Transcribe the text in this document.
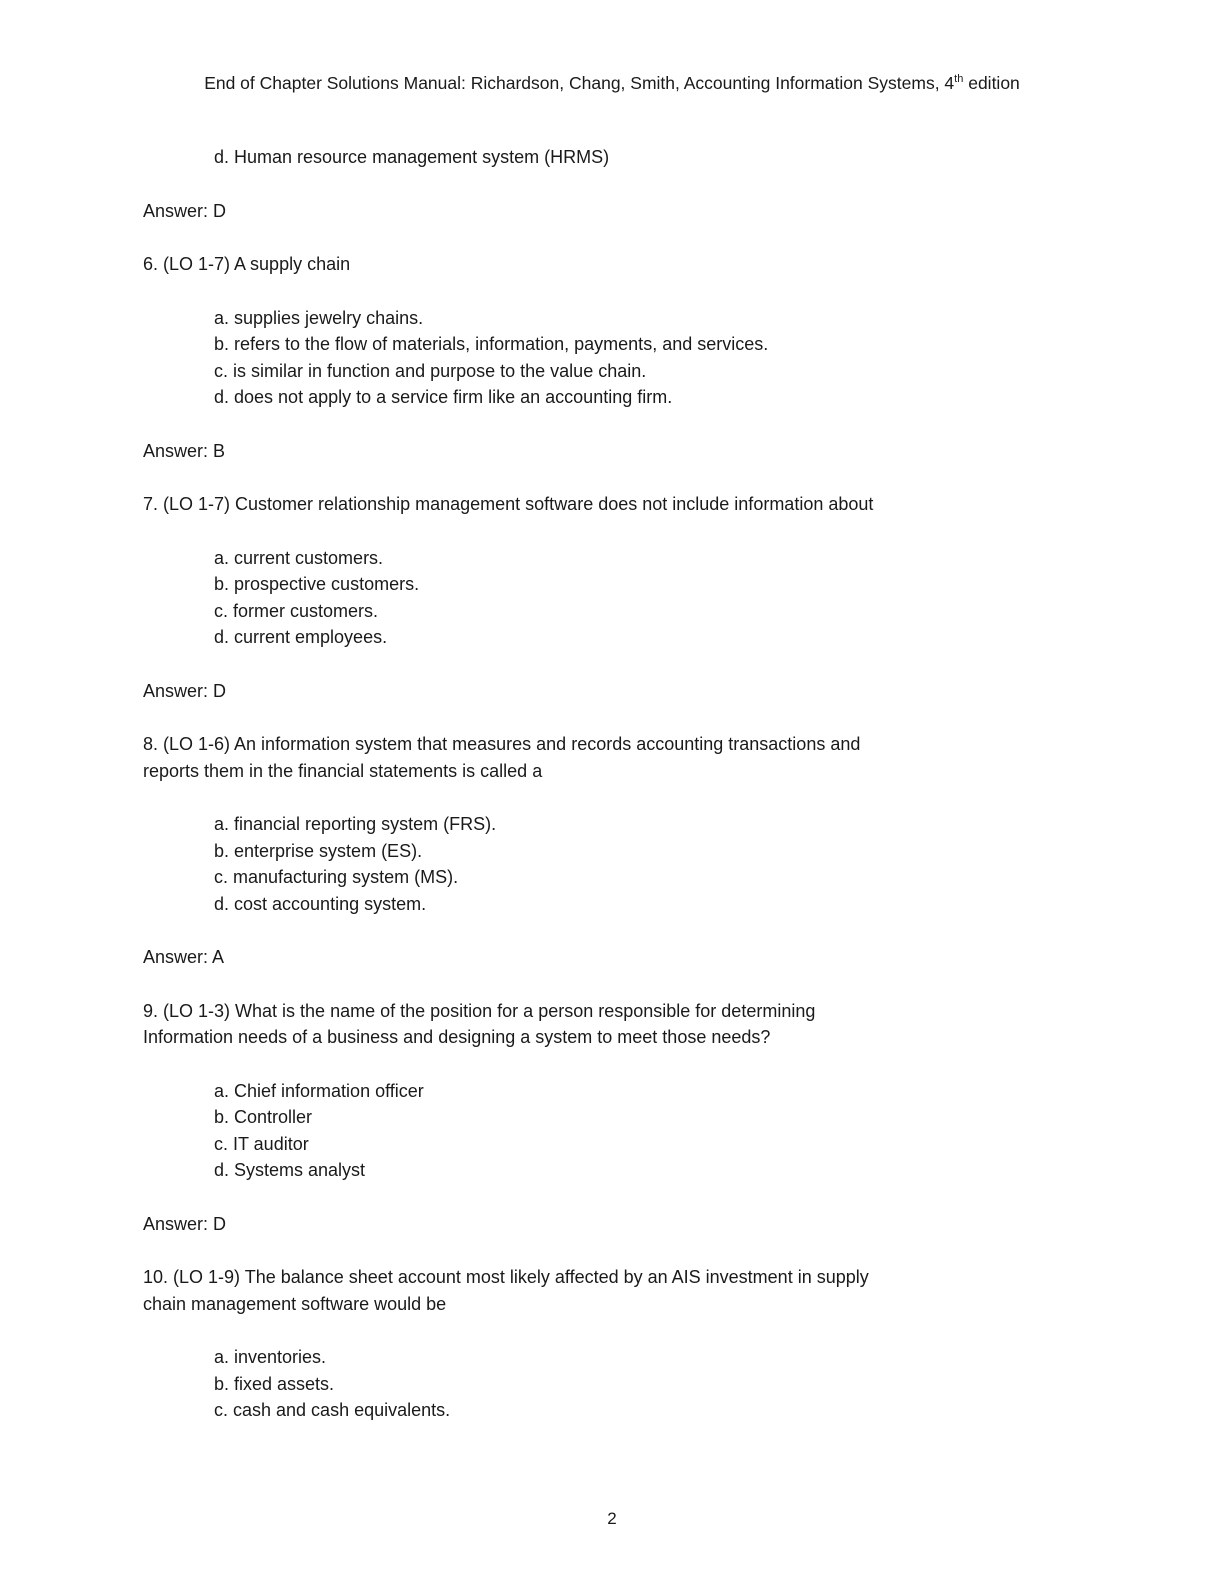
End of Chapter Solutions Manual: Richardson, Chang, Smith, Accounting Information Systems, 4th edition

d. Human resource management system (HRMS)

Answer: D

6. (LO 1-7) A supply chain

a. supplies jewelry chains.

b. refers to the flow of materials, information, payments, and services.

c. is similar in function and purpose to the value chain.

d. does not apply to a service firm like an accounting firm.

Answer: B

7. (LO 1-7) Customer relationship management software does not include information about

a. current customers.

b. prospective customers.

c. former customers.

d. current employees.

Answer: D

8. (LO 1-6) An information system that measures and records accounting transactions and

reports them in the financial statements is called a

a. financial reporting system (FRS).

b. enterprise system (ES).

c. manufacturing system (MS).

d. cost accounting system.

Answer: A

9. (LO 1-3) What is the name of the position for a person responsible for determining

Information needs of a business and designing a system to meet those needs?

a. Chief information officer

b. Controller

c. IT auditor

d. Systems analyst

Answer: D

10. (LO 1-9) The balance sheet account most likely affected by an AIS investment in supply

chain management software would be

a. inventories.

b. fixed assets.

c. cash and cash equivalents.

2
